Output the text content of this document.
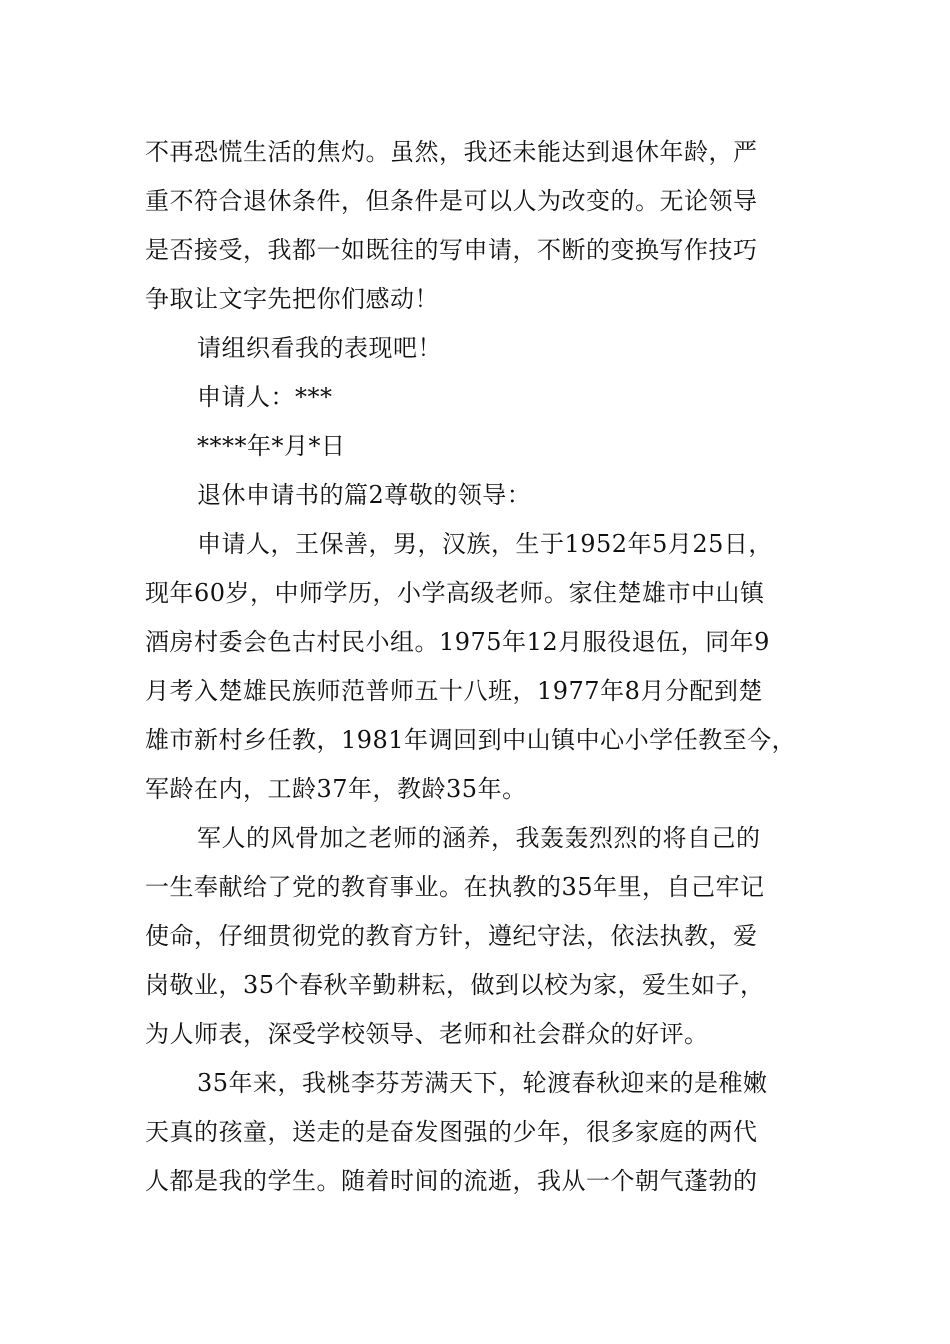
不再恐慌生活的焦灼。虽然，我还未能达到退休年龄，严

重不符合退休条件，但条件是可以人为改变的。无论领导

是否接受，我都一如既往的写申请，不断的变换写作技巧

争取让文字先把你们感动！

请组织看我的表现吧！

申请人：***

****年*月*日

退休申请书的篇2尊敬的领导：

申请人，王保善，男，汉族，生于1952年5月25日，

现年60岁，中师学历，小学高级老师。家住楚雄市中山镇

酒房村委会色古村民小组。1975年12月服役退伍，同年9

月考入楚雄民族师范普师五十八班，1977年8月分配到楚

雄市新村乡任教，1981年调回到中山镇中心小学任教至今，

军龄在内，工龄37年，教龄35年。

军人的风骨加之老师的涵养，我轰轰烈烈的将自己的

一生奉献给了党的教育事业。在执教的35年里，自己牢记

使命，仔细贯彻党的教育方针，遵纪守法，依法执教，爱

岗敬业，35个春秋辛勤耕耘，做到以校为家，爱生如子，

为人师表，深受学校领导、老师和社会群众的好评。

35年来，我桃李芬芳满天下，轮渡春秋迎来的是稚嫩

天真的孩童，送走的是奋发图强的少年，很多家庭的两代

人都是我的学生。随着时间的流逝，我从一个朝气蓬勃的
